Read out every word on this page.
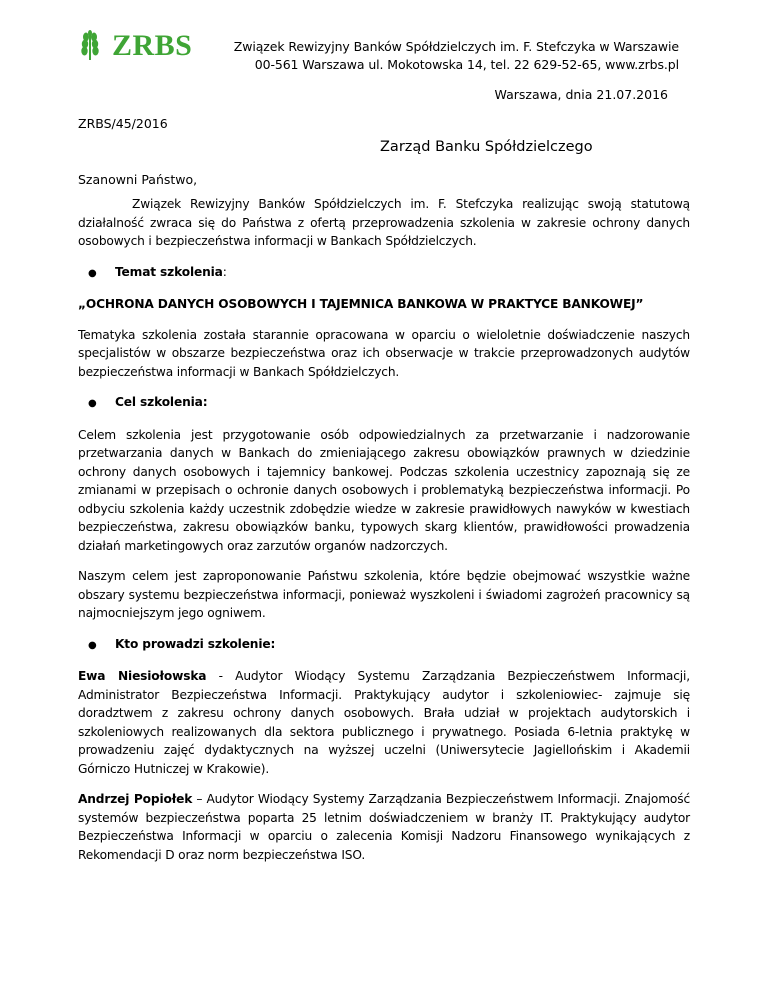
ZRBS	Związek Rewizyjny Banków Spółdzielczych im. F. Stefczyka w Warszawie
00-561 Warszawa ul. Mokotowska 14, tel. 22 629-52-65, www.zrbs.pl
Warszawa, dnia 21.07.2016
ZRBS/45/2016
Zarząd Banku Spółdzielczego
Szanowni Państwo,

Związek Rewizyjny Banków Spółdzielczych im. F. Stefczyka realizując swoją statutową działalność zwraca się do Państwa z ofertą przeprowadzenia szkolenia w zakresie ochrony danych osobowych i bezpieczeństwa informacji w Bankach Spółdzielczych.

●	Temat szkolenia:

„OCHRONA DANYCH OSOBOWYCH I TAJEMNICA BANKOWA W PRAKTYCE BANKOWEJ”

Tematyka szkolenia została starannie opracowana w oparciu o wieloletnie doświadczenie naszych specjalistów w obszarze bezpieczeństwa oraz ich obserwacje w trakcie przeprowadzonych audytów bezpieczeństwa informacji w Bankach Spółdzielczych.

●	Cel szkolenia:

Celem szkolenia jest przygotowanie osób odpowiedzialnych za przetwarzanie i nadzorowanie przetwarzania danych w Bankach do zmieniającego zakresu obowiązków prawnych w dziedzinie ochrony danych osobowych i tajemnicy bankowej. Podczas szkolenia uczestnicy zapoznają się ze zmianami w przepisach o ochronie danych osobowych i problematyką bezpieczeństwa informacji. Po odbyciu szkolenia każdy uczestnik zdobędzie wiedze w zakresie prawidłowych nawyków w kwestiach bezpieczeństwa, zakresu obowiązków banku, typowych skarg klientów, prawidłowości prowadzenia działań marketingowych oraz zarzutów organów nadzorczych.

Naszym celem jest zaproponowanie Państwu szkolenia, które będzie obejmować wszystkie ważne obszary systemu bezpieczeństwa informacji, ponieważ wyszkoleni i świadomi zagrożeń pracownicy są najmocniejszym jego ogniwem.

●	Kto prowadzi szkolenie:

Ewa Niesiołowska - Audytor Wiodący Systemu Zarządzania Bezpieczeństwem Informacji, Administrator Bezpieczeństwa Informacji. Praktykujący audytor i szkoleniowiec- zajmuje się doradztwem z zakresu ochrony danych osobowych. Brała udział w projektach audytorskich i szkoleniowych realizowanych dla sektora publicznego i prywatnego. Posiada 6-letnia praktykę w prowadzeniu zajęć dydaktycznych na wyższej uczelni (Uniwersytecie Jagiellońskim i Akademii Górniczo Hutniczej w Krakowie).

Andrzej Popiołek – Audytor Wiodący Systemy Zarządzania Bezpieczeństwem Informacji. Znajomość systemów bezpieczeństwa poparta 25 letnim doświadczeniem w branży IT. Praktykujący audytor Bezpieczeństwa Informacji w oparciu o zalecenia Komisji Nadzoru Finansowego wynikających z Rekomendacji D oraz norm bezpieczeństwa ISO.
